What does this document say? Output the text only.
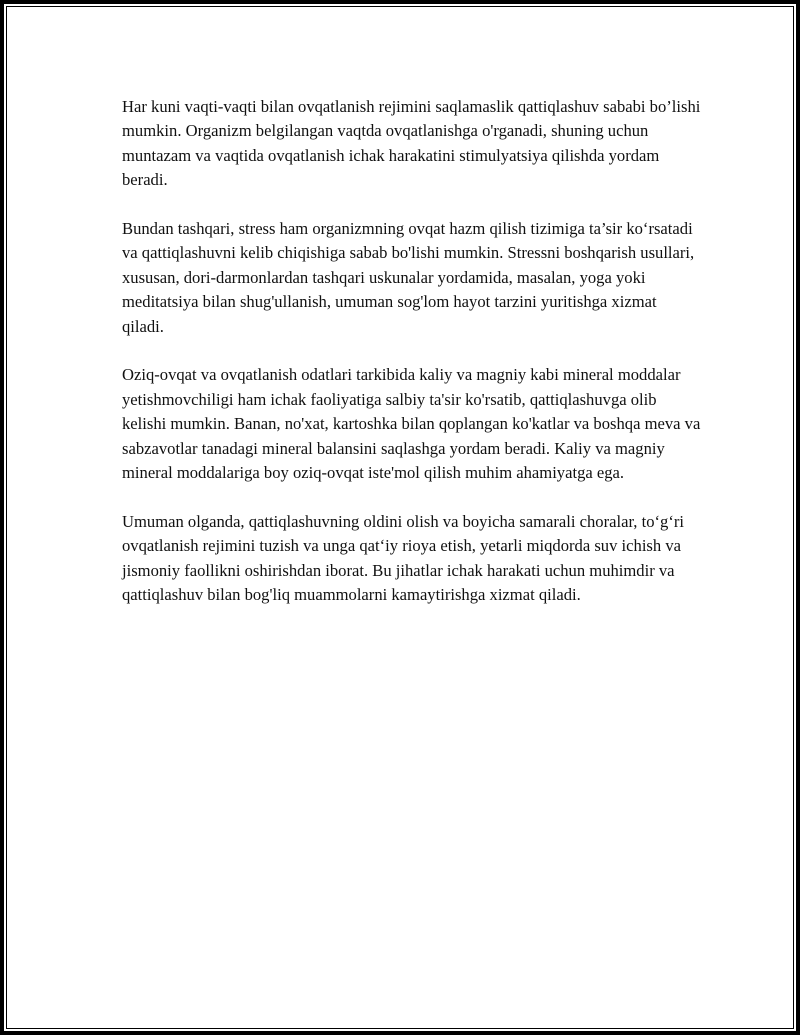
Har kuni vaqti-vaqti bilan ovqatlanish rejimini saqlamaslik qattiqlashuv sababi bo’lishi mumkin. Organizm belgilangan vaqtda ovqatlanishga o'rganadi, shuning uchun muntazam va vaqtida ovqatlanish ichak harakatini stimulyatsiya qilishda yordam beradi.

Bundan tashqari, stress ham organizmning ovqat hazm qilish tizimiga ta’sir ko‘rsatadi va qattiqlashuvni kelib chiqishiga sabab bo'lishi mumkin. Stressni boshqarish usullari, xususan, dori-darmonlardan tashqari uskunalar yordamida, masalan, yoga yoki meditatsiya bilan shug'ullanish, umuman sog'lom hayot tarzini yuritishga xizmat qiladi.

Oziq-ovqat va ovqatlanish odatlari tarkibida kaliy va magniy kabi mineral moddalar yetishmovchiligi ham ichak faoliyatiga salbiy ta'sir ko'rsatib, qattiqlashuvga olib kelishi mumkin. Banan, no'xat, kartoshka bilan qoplangan ko'katlar va boshqa meva va sabzavotlar tanadagi mineral balansini saqlashga yordam beradi. Kaliy va magniy mineral moddalariga boy oziq-ovqat iste'mol qilish muhim ahamiyatga ega.

Umuman olganda, qattiqlashuvning oldini olish va boyicha samarali choralar, to‘g‘ri ovqatlanish rejimini tuzish va unga qat‘iy rioya etish, yetarli miqdorda suv ichish va jismoniy faollikni oshirishdan iborat. Bu jihatlar ichak harakati uchun muhimdir va qattiqlashuv bilan bog'liq muammolarni kamaytirishga xizmat qiladi.
